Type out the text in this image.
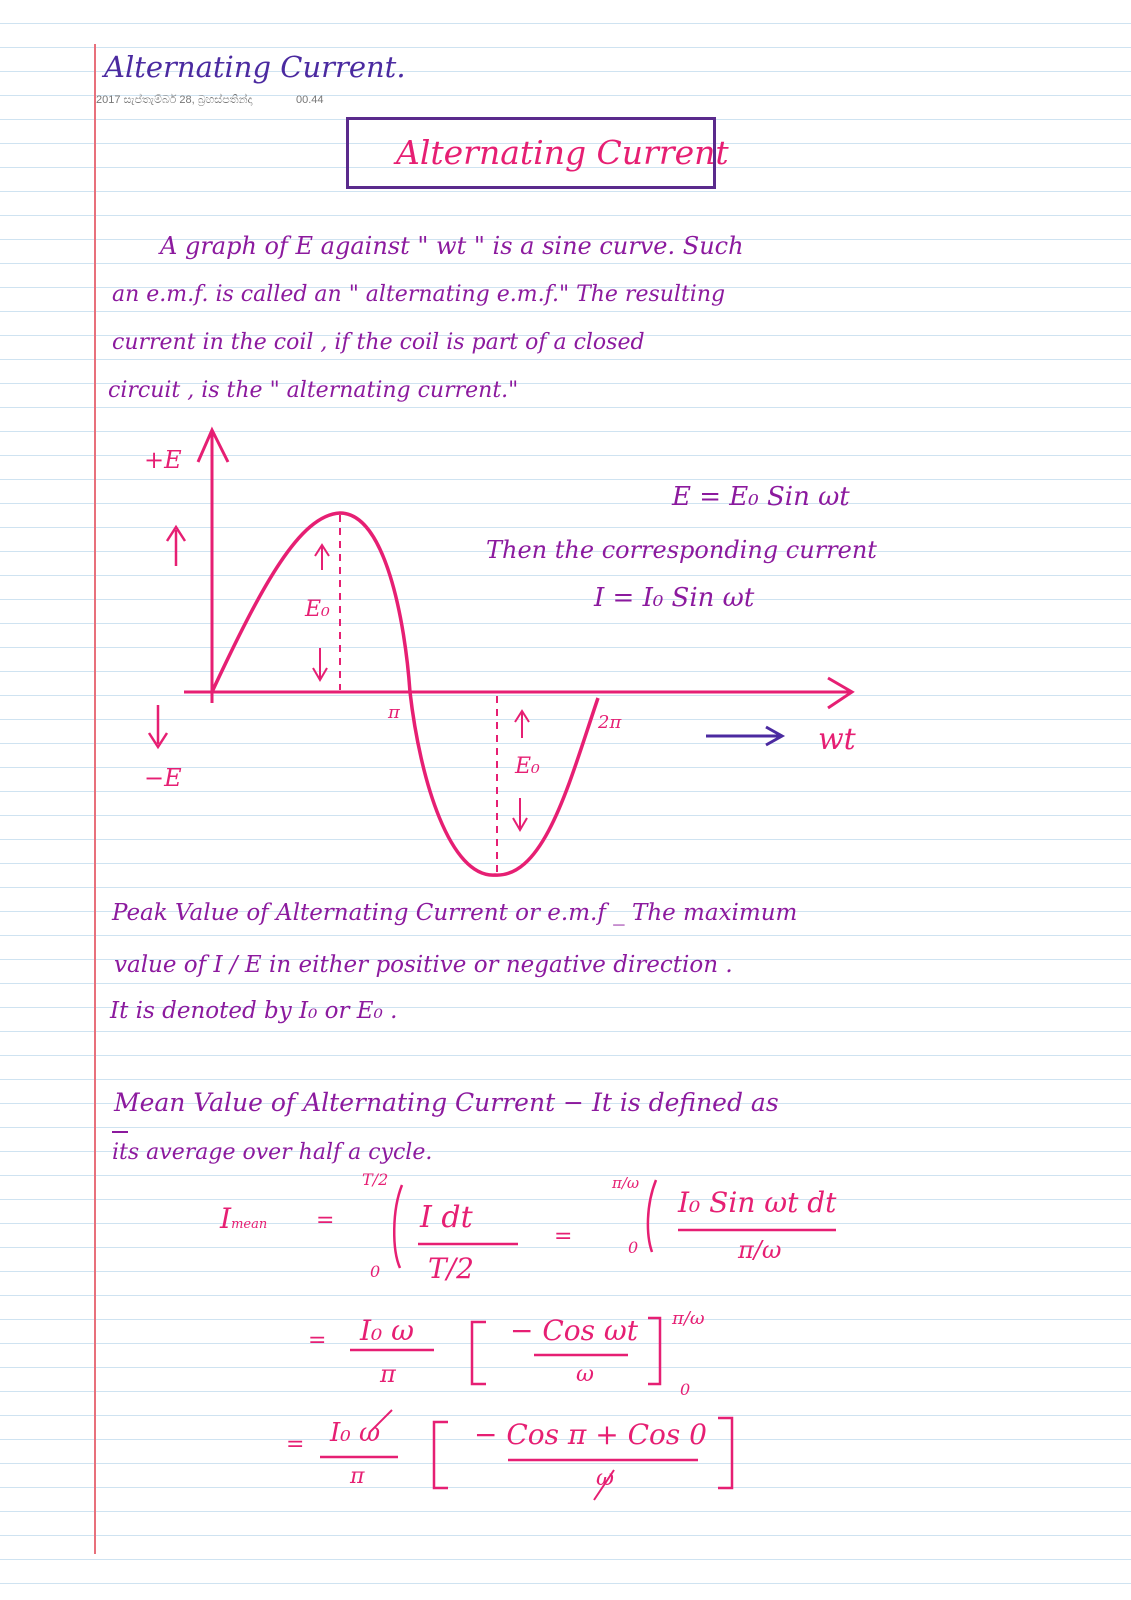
Alternating Current.
2017 සැප්තැම්බර් 28, බ්‍රහස්පතින්දා	00.44
Alternating Current
A graph of E against " wt " is a sine curve. Such
an e.m.f. is called an " alternating e.m.f." The resulting
current in the coil , if the coil is part of a closed
circuit , is the " alternating current."
+E
−E
E₀
E₀
π	2π	wt
E = E₀ Sin ωt
Then the corresponding current
I = I₀ Sin ωt
Peak Value of Alternating Current or e.m.f _ The maximum
value of I / E in either positive or negative direction .
It is denoted by I₀ or E₀ .
Mean Value of Alternating Current − It is defined as
its average over half a cycle.
Imean =
T/2
0
I dt
T/2
=
π/ω
0
I₀ Sin ωt dt
π/ω
= I₀ ω
π
− Cos ωt
ω
π/ω
0
= I₀ ω
π
− Cos π + Cos 0
ω
